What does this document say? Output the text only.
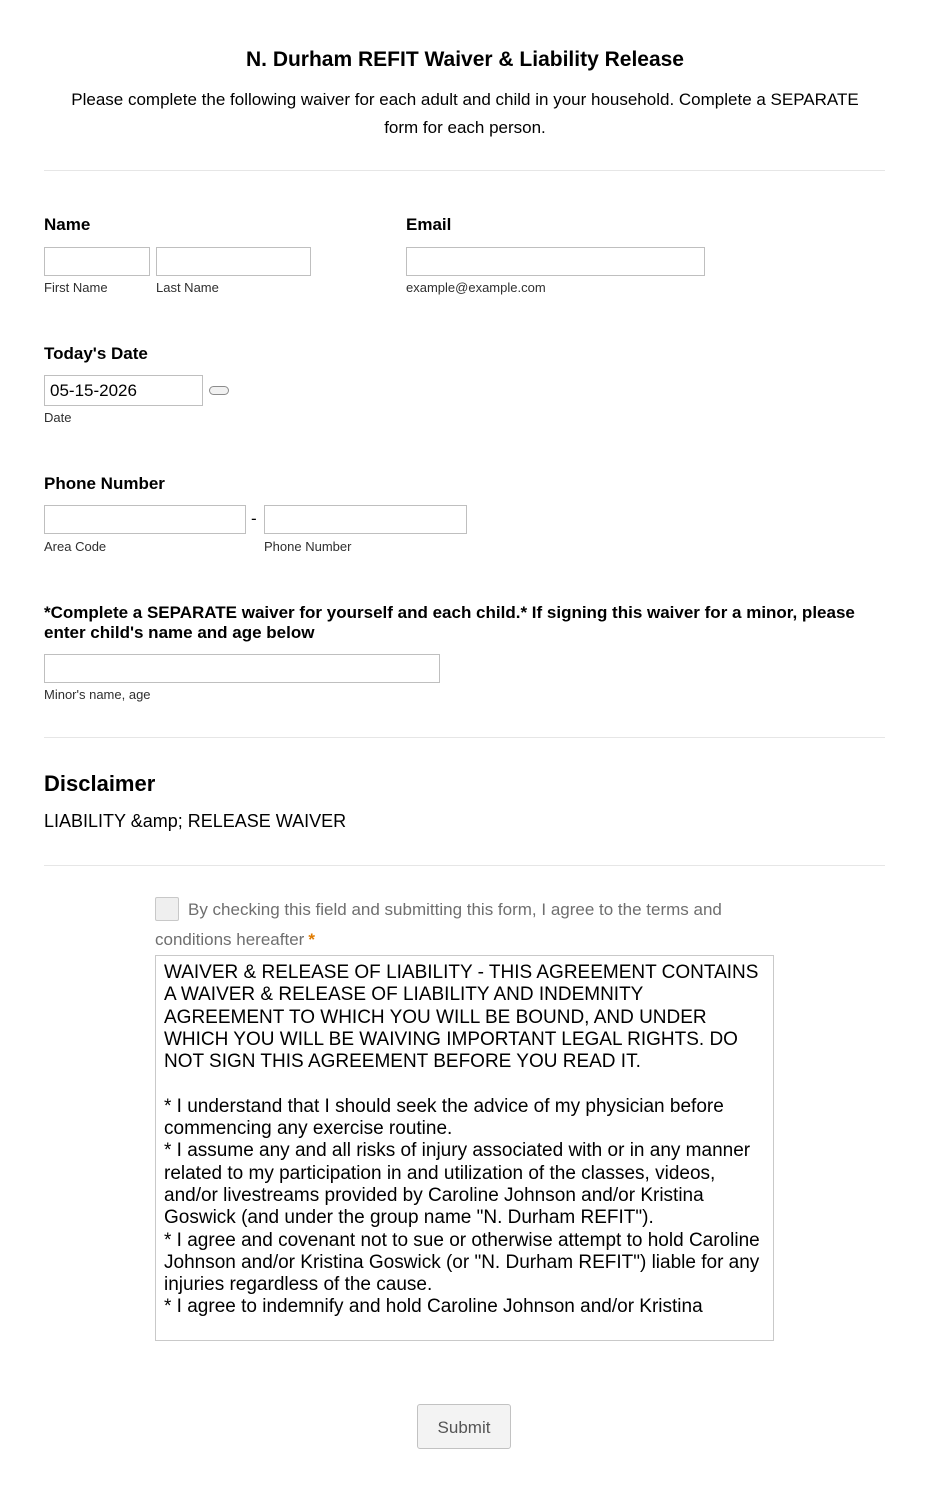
N. Durham REFIT Waiver & Liability Release
Please complete the following waiver for each adult and child in your household. Complete a SEPARATE form for each person.
Name
First Name	Last Name
Email
example@example.com
Today's Date
05-15-2026
Date
Phone Number
-
Area Code	Phone Number
*Complete a SEPARATE waiver for yourself and each child.* If signing this waiver for a minor, please enter child's name and age below
Minor's name, age
Disclaimer
LIABILITY &amp; RELEASE WAIVER
By checking this field and submitting this form, I agree to the terms and conditions hereafter *
WAIVER & RELEASE OF LIABILITY - THIS AGREEMENT CONTAINS A WAIVER & RELEASE OF LIABILITY AND INDEMNITY AGREEMENT TO WHICH YOU WILL BE BOUND, AND UNDER WHICH YOU WILL BE WAIVING IMPORTANT LEGAL RIGHTS. DO NOT SIGN THIS AGREEMENT BEFORE YOU READ IT.

* I understand that I should seek the advice of my physician before commencing any exercise routine.
* I assume any and all risks of injury associated with or in any manner related to my participation in and utilization of the classes, videos, and/or livestreams provided by Caroline Johnson and/or Kristina Goswick (and under the group name "N. Durham REFIT").
* I agree and covenant not to sue or otherwise attempt to hold Caroline Johnson and/or Kristina Goswick (or "N. Durham REFIT") liable for any injuries regardless of the cause.
* I agree to indemnify and hold Caroline Johnson and/or Kristina
Submit
